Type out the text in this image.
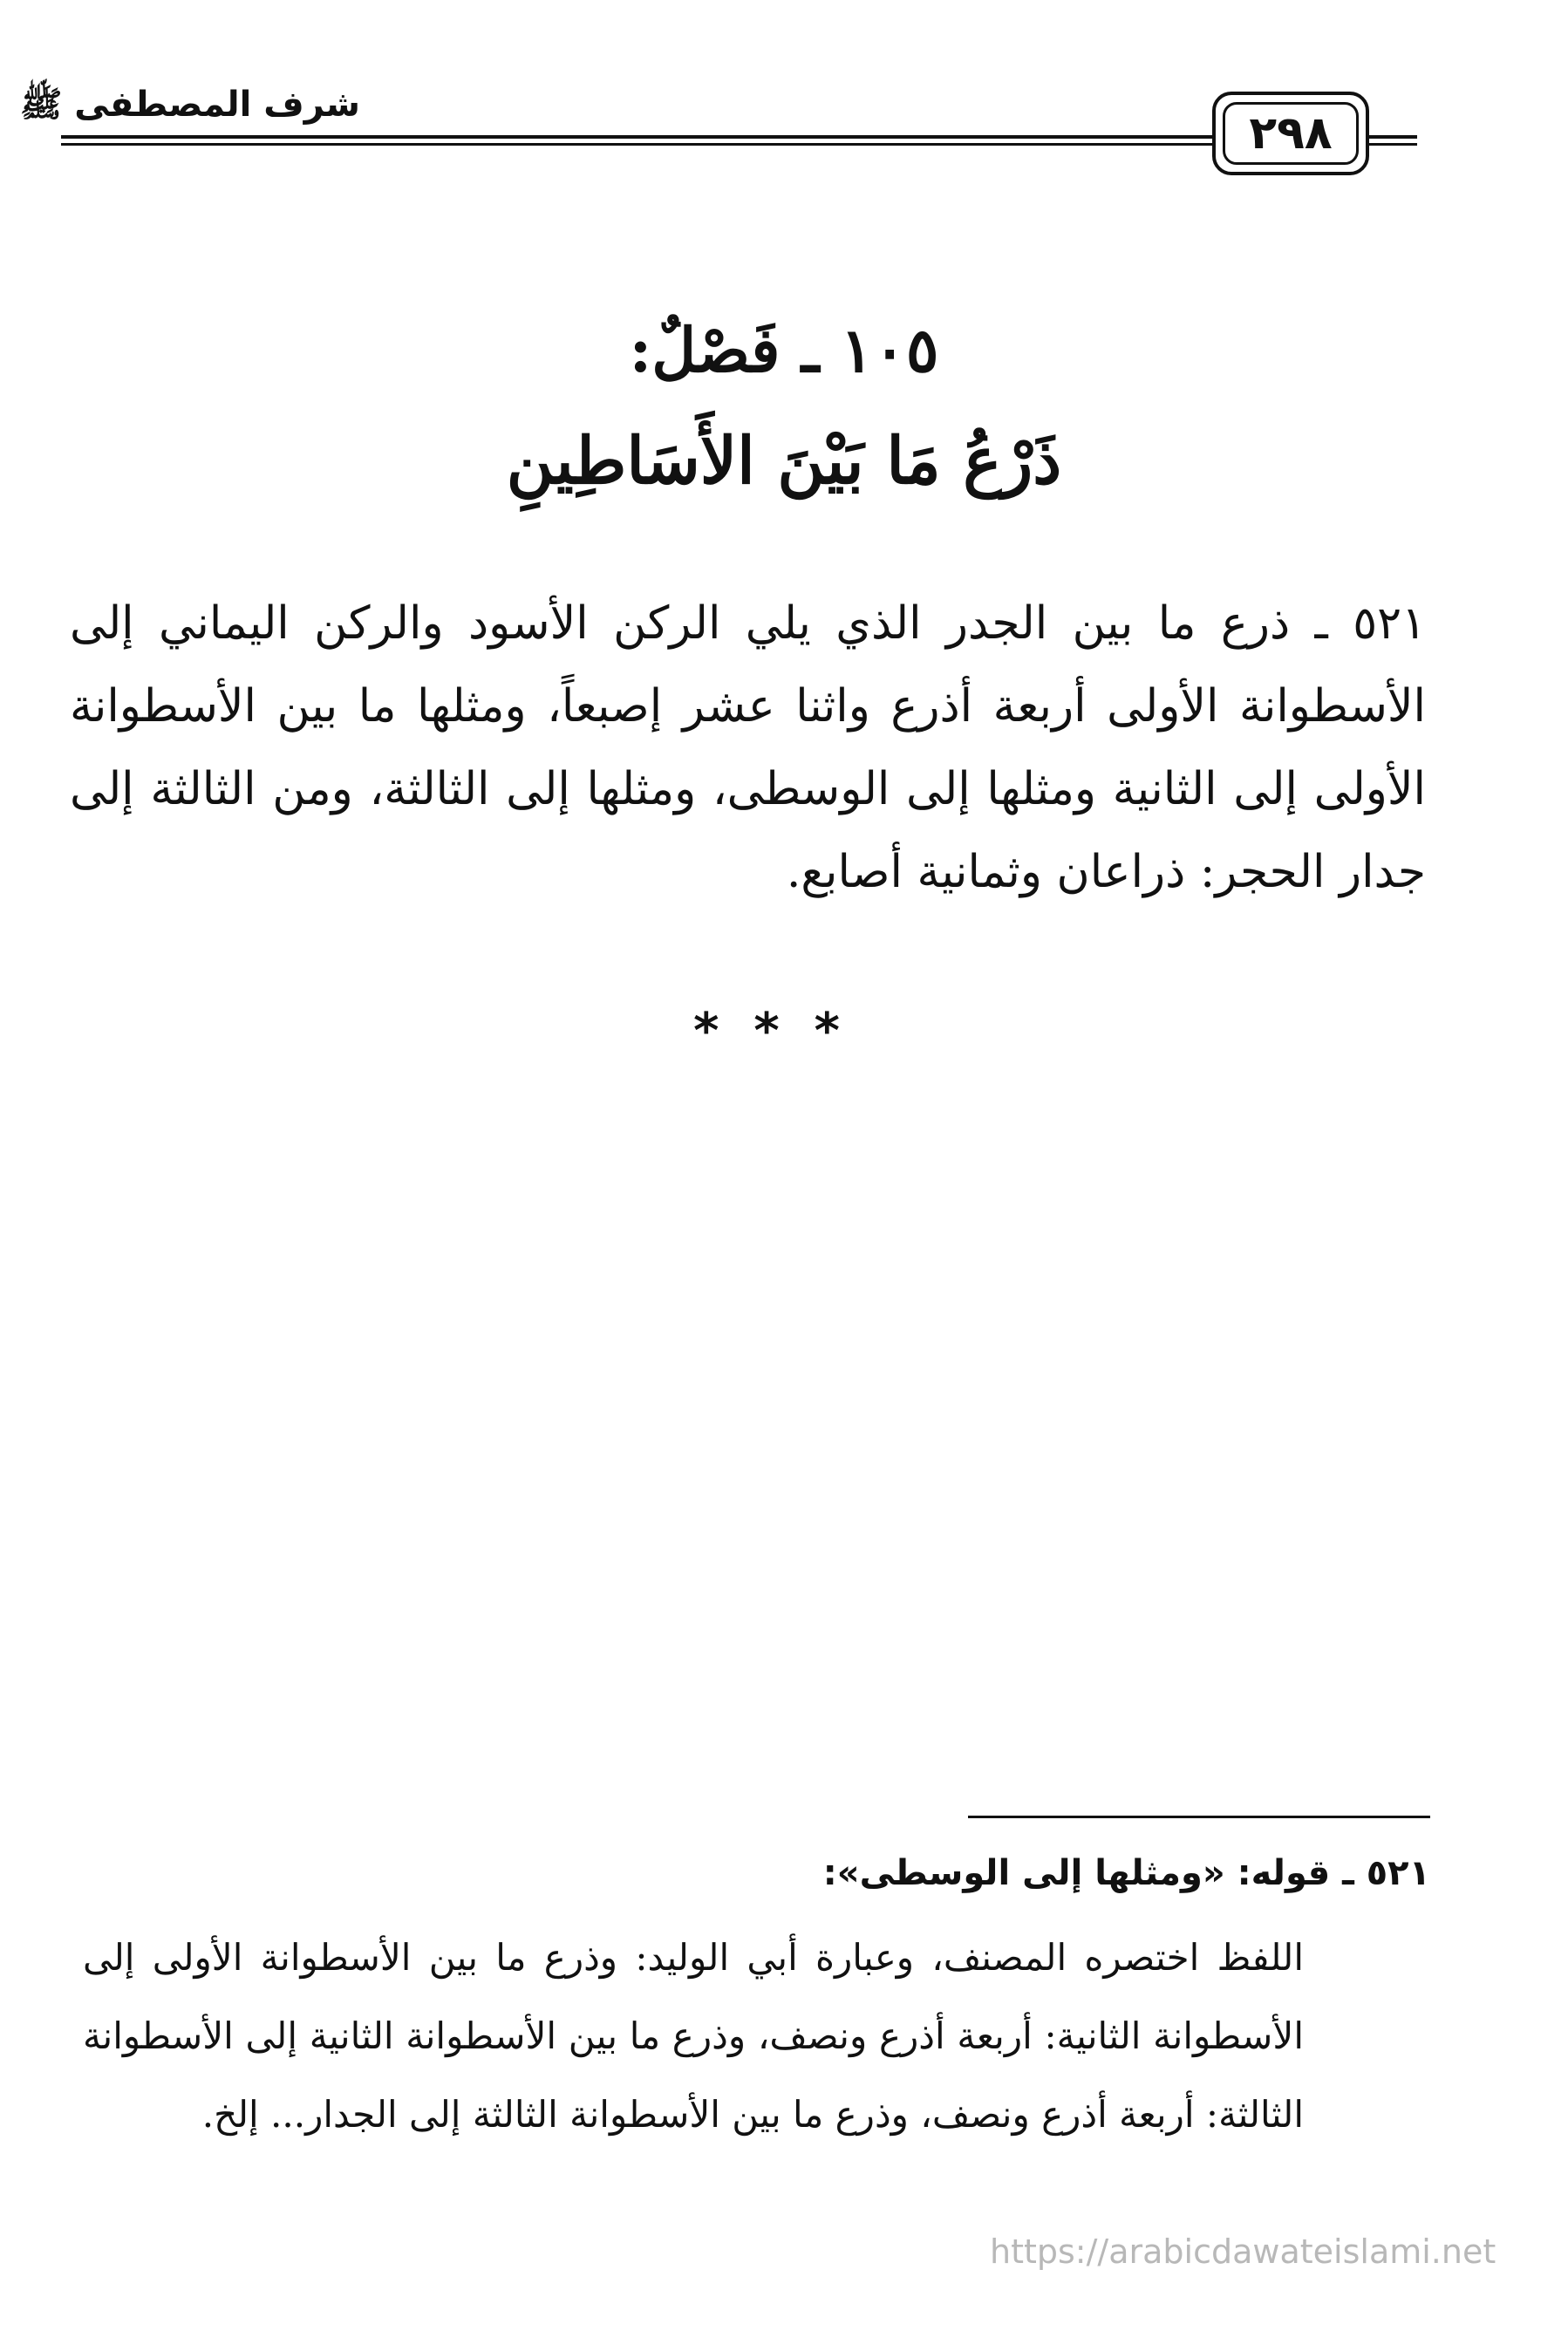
شرف المصطفى ﷺ
٢٩٨
١٠٥ ـ فَصْلٌ:
ذَرْعُ مَا بَيْنَ الأَسَاطِينِ
٥٢١ ـ ذرع ما بين الجدر الذي يلي الركن الأسود والركن اليماني إلى الأسطوانة الأولى أربعة أذرع واثنا عشر إصبعاً، ومثلها ما بين الأسطوانة الأولى إلى الثانية ومثلها إلى الوسطى، ومثلها إلى الثالثة، ومن الثالثة إلى جدار الحجر: ذراعان وثمانية أصابع.
***
٥٢١ ـ قوله: «ومثلها إلى الوسطى»:
اللفظ اختصره المصنف، وعبارة أبي الوليد: وذرع ما بين الأسطوانة الأولى إلى الأسطوانة الثانية: أربعة أذرع ونصف، وذرع ما بين الأسطوانة الثانية إلى الأسطوانة الثالثة: أربعة أذرع ونصف، وذرع ما بين الأسطوانة الثالثة إلى الجدار... إلخ.
https://arabicdawateislami.net
